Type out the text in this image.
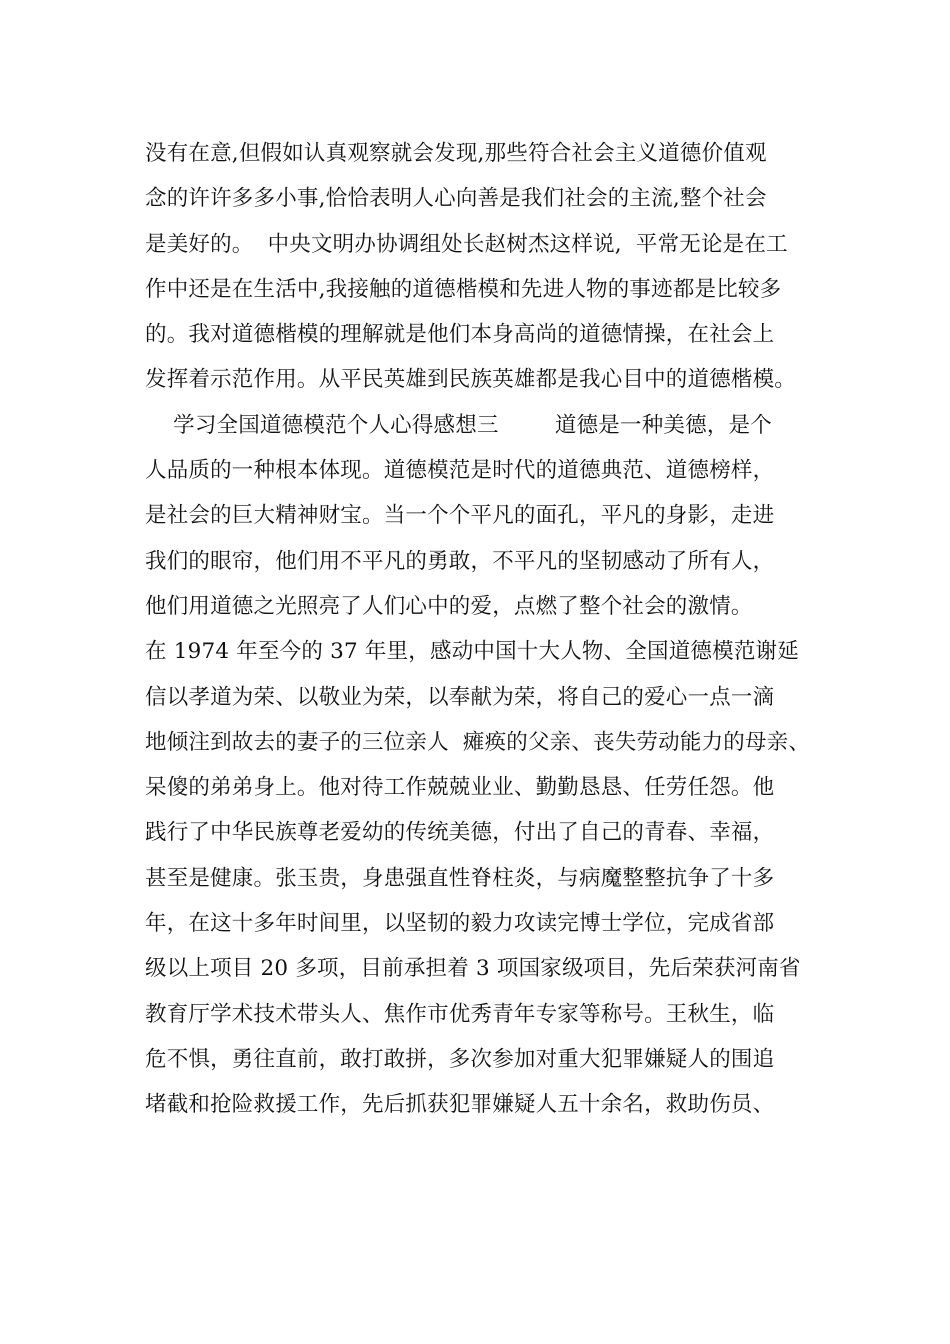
没有在意,但假如认真观察就会发现,那些符合社会主义道德价值观
念的许许多多小事,恰恰表明人心向善是我们社会的主流,整个社会
是美好的。  中央文明办协调组处长赵树杰这样说,  平常无论是在工
作中还是在生活中,我接触的道德楷模和先进人物的事迹都是比较多
的。我对道德楷模的理解就是他们本身高尚的道德情操，在社会上
发挥着示范作用。从平民英雄到民族英雄都是我心目中的道德楷模。
学习全国道德模范个人心得感想三        道德是一种美德，是个
人品质的一种根本体现。道德模范是时代的道德典范、道德榜样，
是社会的巨大精神财宝。当一个个平凡的面孔，平凡的身影，走进
我们的眼帘，他们用不平凡的勇敢，不平凡的坚韧感动了所有人，
他们用道德之光照亮了人们心中的爱，点燃了整个社会的激情。
在 1974 年至今的 37 年里，感动中国十大人物、全国道德模范谢延
信以孝道为荣、以敬业为荣，以奉献为荣，将自己的爱心一点一滴
地倾注到故去的妻子的三位亲人  瘫痪的父亲、丧失劳动能力的母亲、
呆傻的弟弟身上。他对待工作兢兢业业、勤勤恳恳、任劳任怨。他
践行了中华民族尊老爱幼的传统美德，付出了自己的青春、幸福，
甚至是健康。张玉贵，身患强直性脊柱炎，与病魔整整抗争了十多
年，在这十多年时间里，以坚韧的毅力攻读完博士学位，完成省部
级以上项目 20 多项，目前承担着 3 项国家级项目，先后荣获河南省
教育厅学术技术带头人、焦作市优秀青年专家等称号。王秋生，临
危不惧，勇往直前，敢打敢拼，多次参加对重大犯罪嫌疑人的围追
堵截和抢险救援工作，先后抓获犯罪嫌疑人五十余名，救助伤员、
